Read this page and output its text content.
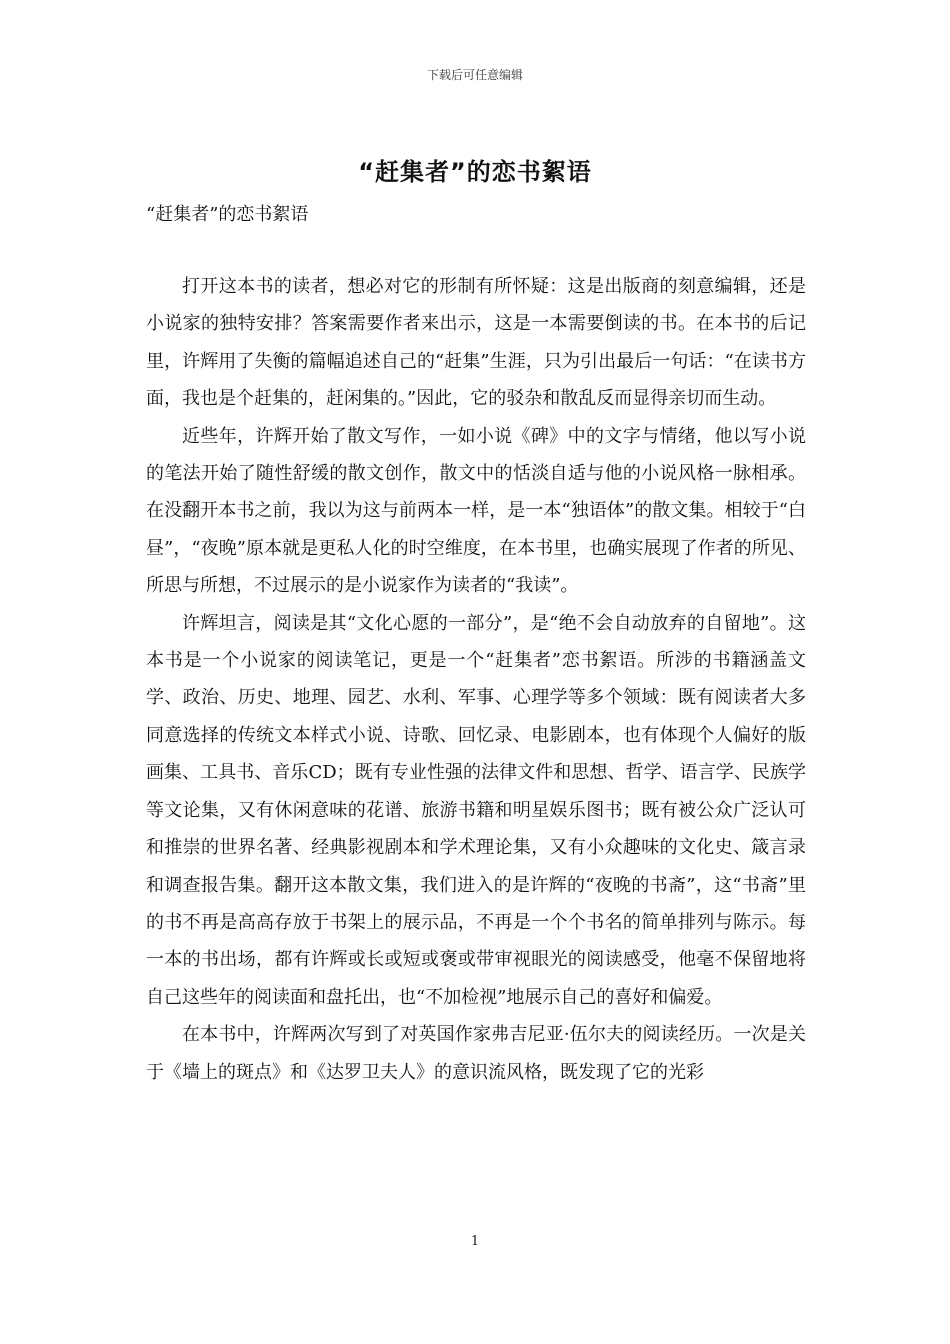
下载后可任意编辑
“赶集者”的恋书絮语
“赶集者”的恋书絮语

打开这本书的读者，想必对它的形制有所怀疑：这是出版商的刻意编辑，还是小说家的独特安排？答案需要作者来出示，这是一本需要倒读的书。在本书的后记里，许辉用了失衡的篇幅追述自己的“赶集”生涯，只为引出最后一句话：“在读书方面，我也是个赶集的，赶闲集的。”因此，它的驳杂和散乱反而显得亲切而生动。

近些年，许辉开始了散文写作，一如小说《碑》中的文字与情绪，他以写小说的笔法开始了随性舒缓的散文创作，散文中的恬淡自适与他的小说风格一脉相承。在没翻开本书之前，我以为这与前两本一样，是一本“独语体”的散文集。相较于“白昼”，“夜晚”原本就是更私人化的时空维度，在本书里，也确实展现了作者的所见、所思与所想，不过展示的是小说家作为读者的“我读”。

许辉坦言，阅读是其“文化心愿的一部分”，是“绝不会自动放弃的自留地”。这本书是一个小说家的阅读笔记，更是一个“赶集者”恋书絮语。所涉的书籍涵盖文学、政治、历史、地理、园艺、水利、军事、心理学等多个领域：既有阅读者大多同意选择的传统文本样式小说、诗歌、回忆录、电影剧本，也有体现个人偏好的版画集、工具书、音乐CD；既有专业性强的法律文件和思想、哲学、语言学、民族学等文论集，又有休闲意味的花谱、旅游书籍和明星娱乐图书；既有被公众广泛认可和推崇的世界名著、经典影视剧本和学术理论集，又有小众趣味的文化史、箴言录和调查报告集。翻开这本散文集，我们进入的是许辉的“夜晚的书斋”，这“书斋”里的书不再是高高存放于书架上的展示品，不再是一个个书名的简单排列与陈示。每一本的书出场，都有许辉或长或短或褒或带审视眼光的阅读感受，他毫不保留地将自己这些年的阅读面和盘托出，也“不加检视”地展示自己的喜好和偏爱。

在本书中，许辉两次写到了对英国作家弗吉尼亚·伍尔夫的阅读经历。一次是关于《墙上的斑点》和《达罗卫夫人》的意识流风格，既发现了它的光彩

1
